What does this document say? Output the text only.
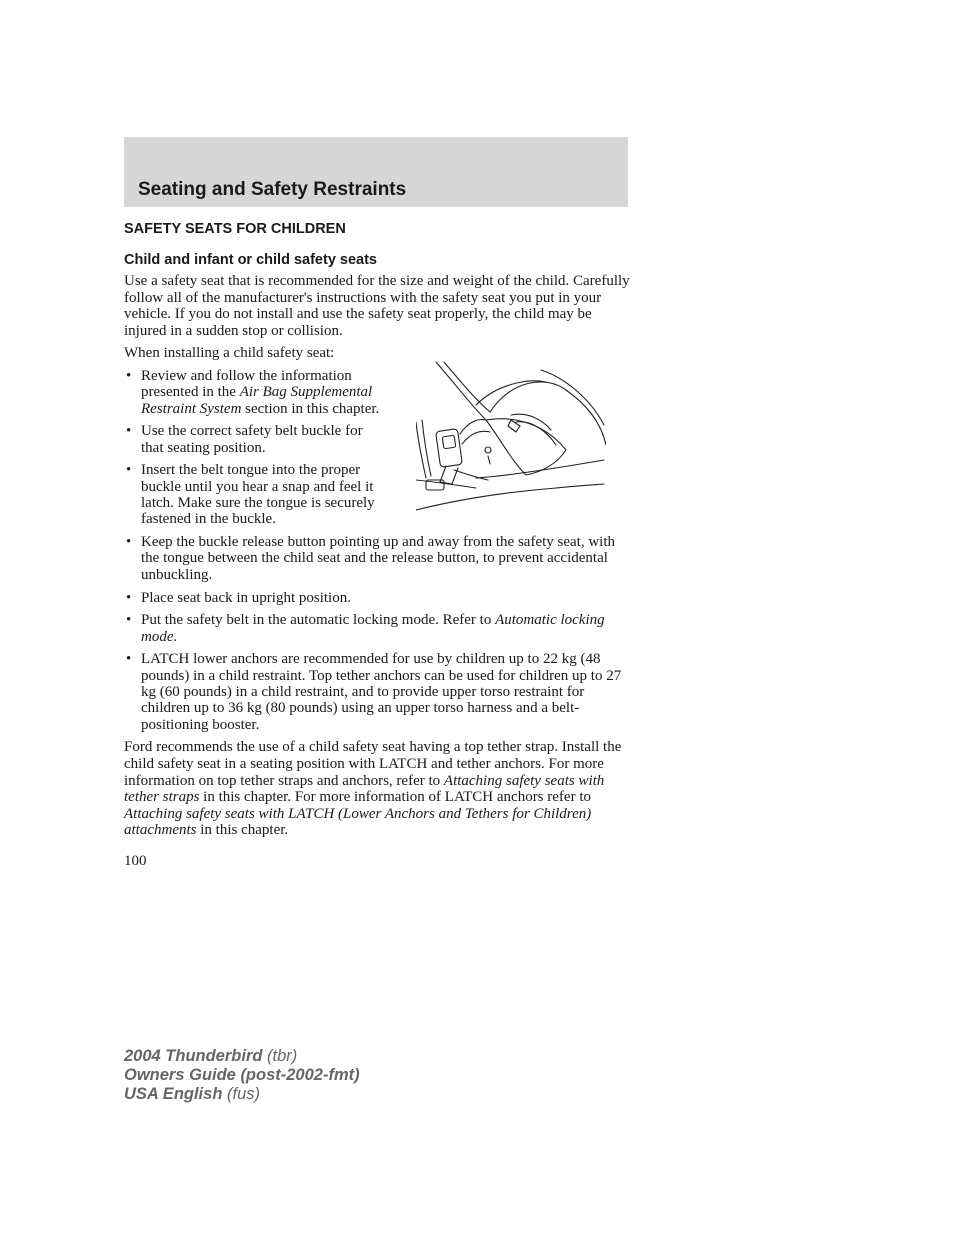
Seating and Safety Restraints
SAFETY SEATS FOR CHILDREN
Child and infant or child safety seats

Use a safety seat that is recommended for the size and weight of the child. Carefully follow all of the manufacturer's instructions with the safety seat you put in your vehicle. If you do not install and use the safety seat properly, the child may be injured in a sudden stop or collision.

When installing a child safety seat:

• Review and follow the information presented in the Air Bag Supplemental Restraint System section in this chapter.
• Use the correct safety belt buckle for that seating position.
• Insert the belt tongue into the proper buckle until you hear a snap and feel it latch. Make sure the tongue is securely fastened in the buckle.
• Keep the buckle release button pointing up and away from the safety seat, with the tongue between the child seat and the release button, to prevent accidental unbuckling.
• Place seat back in upright position.
• Put the safety belt in the automatic locking mode. Refer to Automatic locking mode.
• LATCH lower anchors are recommended for use by children up to 22 kg (48 pounds) in a child restraint. Top tether anchors can be used for children up to 27 kg (60 pounds) in a child restraint, and to provide upper torso restraint for children up to 36 kg (80 pounds) using an upper torso harness and a belt-positioning booster.

Ford recommends the use of a child safety seat having a top tether strap. Install the child safety seat in a seating position with LATCH and tether anchors. For more information on top tether straps and anchors, refer to Attaching safety seats with tether straps in this chapter. For more information of LATCH anchors refer to Attaching safety seats with LATCH (Lower Anchors and Tethers for Children) attachments in this chapter.

100
2004 Thunderbird (tbr)
Owners Guide (post-2002-fmt)
USA English (fus)
